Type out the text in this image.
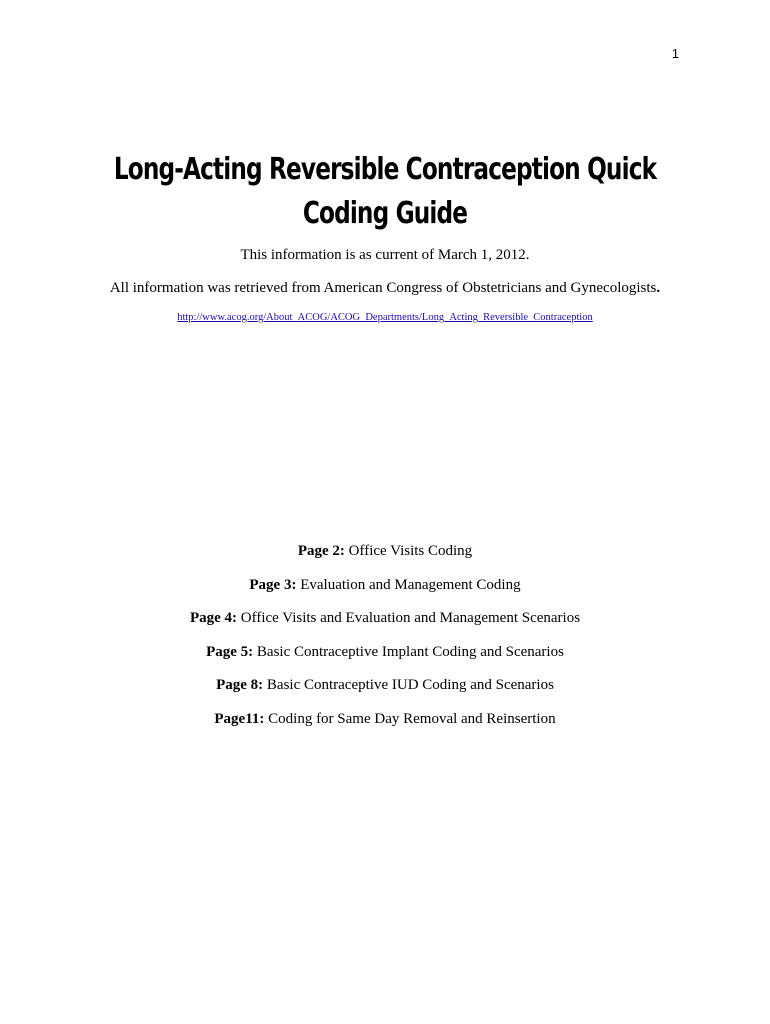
1
Long-Acting Reversible Contraception Quick
Coding Guide
This information is as current of March 1, 2012.
All information was retrieved from American Congress of Obstetricians and Gynecologists.
http://www.acog.org/About_ACOG/ACOG_Departments/Long_Acting_Reversible_Contraception
Page 2: Office Visits Coding
Page 3: Evaluation and Management Coding
Page 4: Office Visits and Evaluation and Management Scenarios
Page 5: Basic Contraceptive Implant Coding and Scenarios
Page 8: Basic Contraceptive IUD Coding and Scenarios
Page11: Coding for Same Day Removal and Reinsertion
